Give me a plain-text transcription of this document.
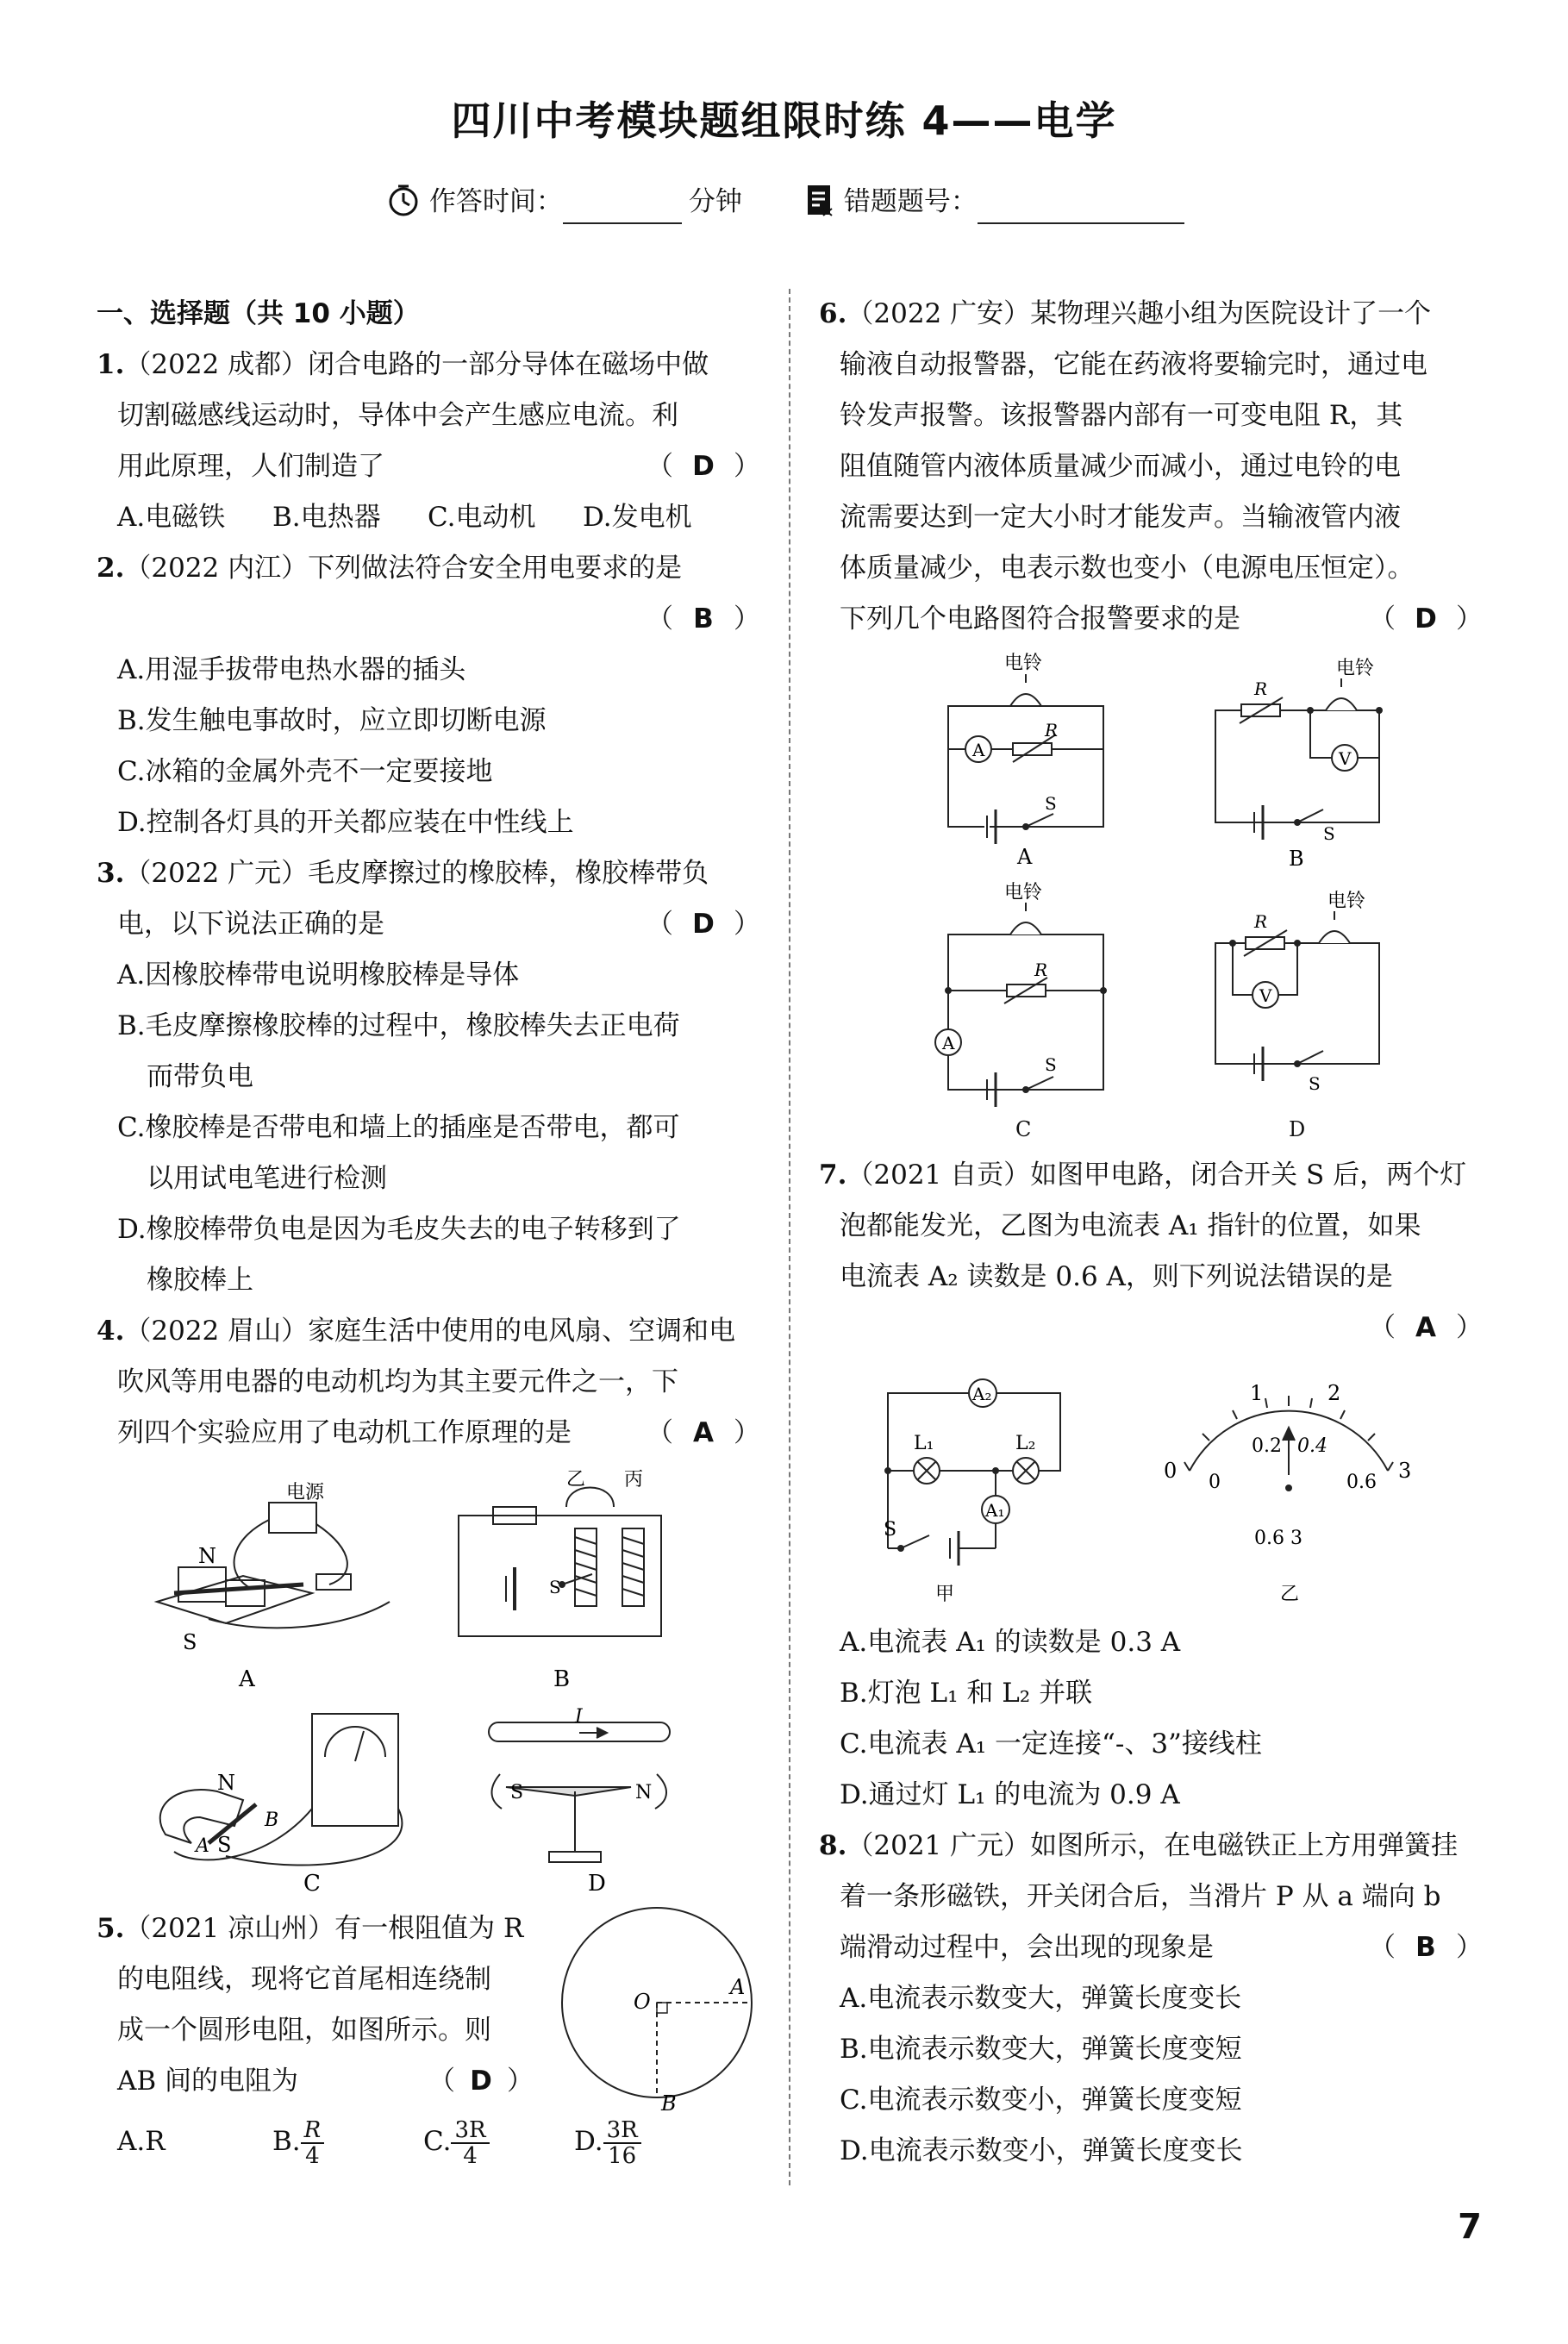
四川中考模块题组限时练 4——电学
作答时间：	分钟	错题题号：
一、选择题（共 10 小题）
1.（2022 成都）闭合电路的一部分导体在磁场中做
切割磁感线运动时，导体中会产生感应电流。利
用此原理，人们制造了	（ D ）
A.电磁铁 B.电热器 C.电动机 D.发电机
2.（2022 内江）下列做法符合安全用电要求的是
（ B ）

A.用湿手拔带电热水器的插头
B.发生触电事故时，应立即切断电源
C.冰箱的金属外壳不一定要接地
D.控制各灯具的开关都应装在中性线上
3.（2022 广元）毛皮摩擦过的橡胶棒，橡胶棒带负
电，以下说法正确的是	（ D ）
A.因橡胶棒带电说明橡胶棒是导体
B.毛皮摩擦橡胶棒的过程中，橡胶棒失去正电荷
而带负电
C.橡胶棒是否带电和墙上的插座是否带电，都可
以用试电笔进行检测
D.橡胶棒带负电是因为毛皮失去的电子转移到了
橡胶棒上
4.（2022 眉山）家庭生活中使用的电风扇、空调和电
吹风等用电器的电动机均为其主要元件之一，下
列四个实验应用了电动机工作原理的是	（ A ）
N
S
电源
A
乙 丙
S
B
N
S
A
B
C
I
S	N
D
5.（2021 凉山州）有一根阻值为 R
的电阻线，现将它首尾相连绕制
成一个圆形电阻，如图所示。则
AB 间的电阻为	（ D ）
A.R	B. $\frac{R}{4}$	C. $\frac{3R}{4}$	D. $\frac{3R}{16}$
O
A
B
6.（2022 广安）某物理兴趣小组为医院设计了一个
输液自动报警器，它能在药液将要输完时，通过电
铃发声报警。该报警器内部有一可变电阻 R，其
阻值随管内液体质量减少而减小，通过电铃的电
流需要达到一定大小时才能发声。当输液管内液
体质量减少，电表示数也变小（电源电压恒定）。
下列几个电路图符合报警要求的是	（ D ）
电铃
A
R
S
A
电铃
R
V
S
B
电铃
R
A
S
电铃
R
V
S
C	D
7.（2021 自贡）如图甲电路，闭合开关 S 后，两个灯
泡都能发光，乙图为电流表 A₁ 指针的位置，如果
电流表 A₂ 读数是 0.6 A，则下列说法错误的是
（ A ）

A₂
L₁	L₂
A₁
S
甲
0
1	2
3
0
0.2 0.4
0.6
0.6 3
乙
A.电流表 A₁ 的读数是 0.3 A
B.灯泡 L₁ 和 L₂ 并联
C.电流表 A₁ 一定连接“-、3”接线柱
D.通过灯 L₁ 的电流为 0.9 A
8.（2021 广元）如图所示，在电磁铁正上方用弹簧挂
着一条形磁铁，开关闭合后，当滑片 P 从 a 端向 b
端滑动过程中，会出现的现象是	（ B ）
A.电流表示数变大，弹簧长度变长
B.电流表示数变大，弹簧长度变短
C.电流表示数变小，弹簧长度变短
D.电流表示数变小，弹簧长度变长
7
